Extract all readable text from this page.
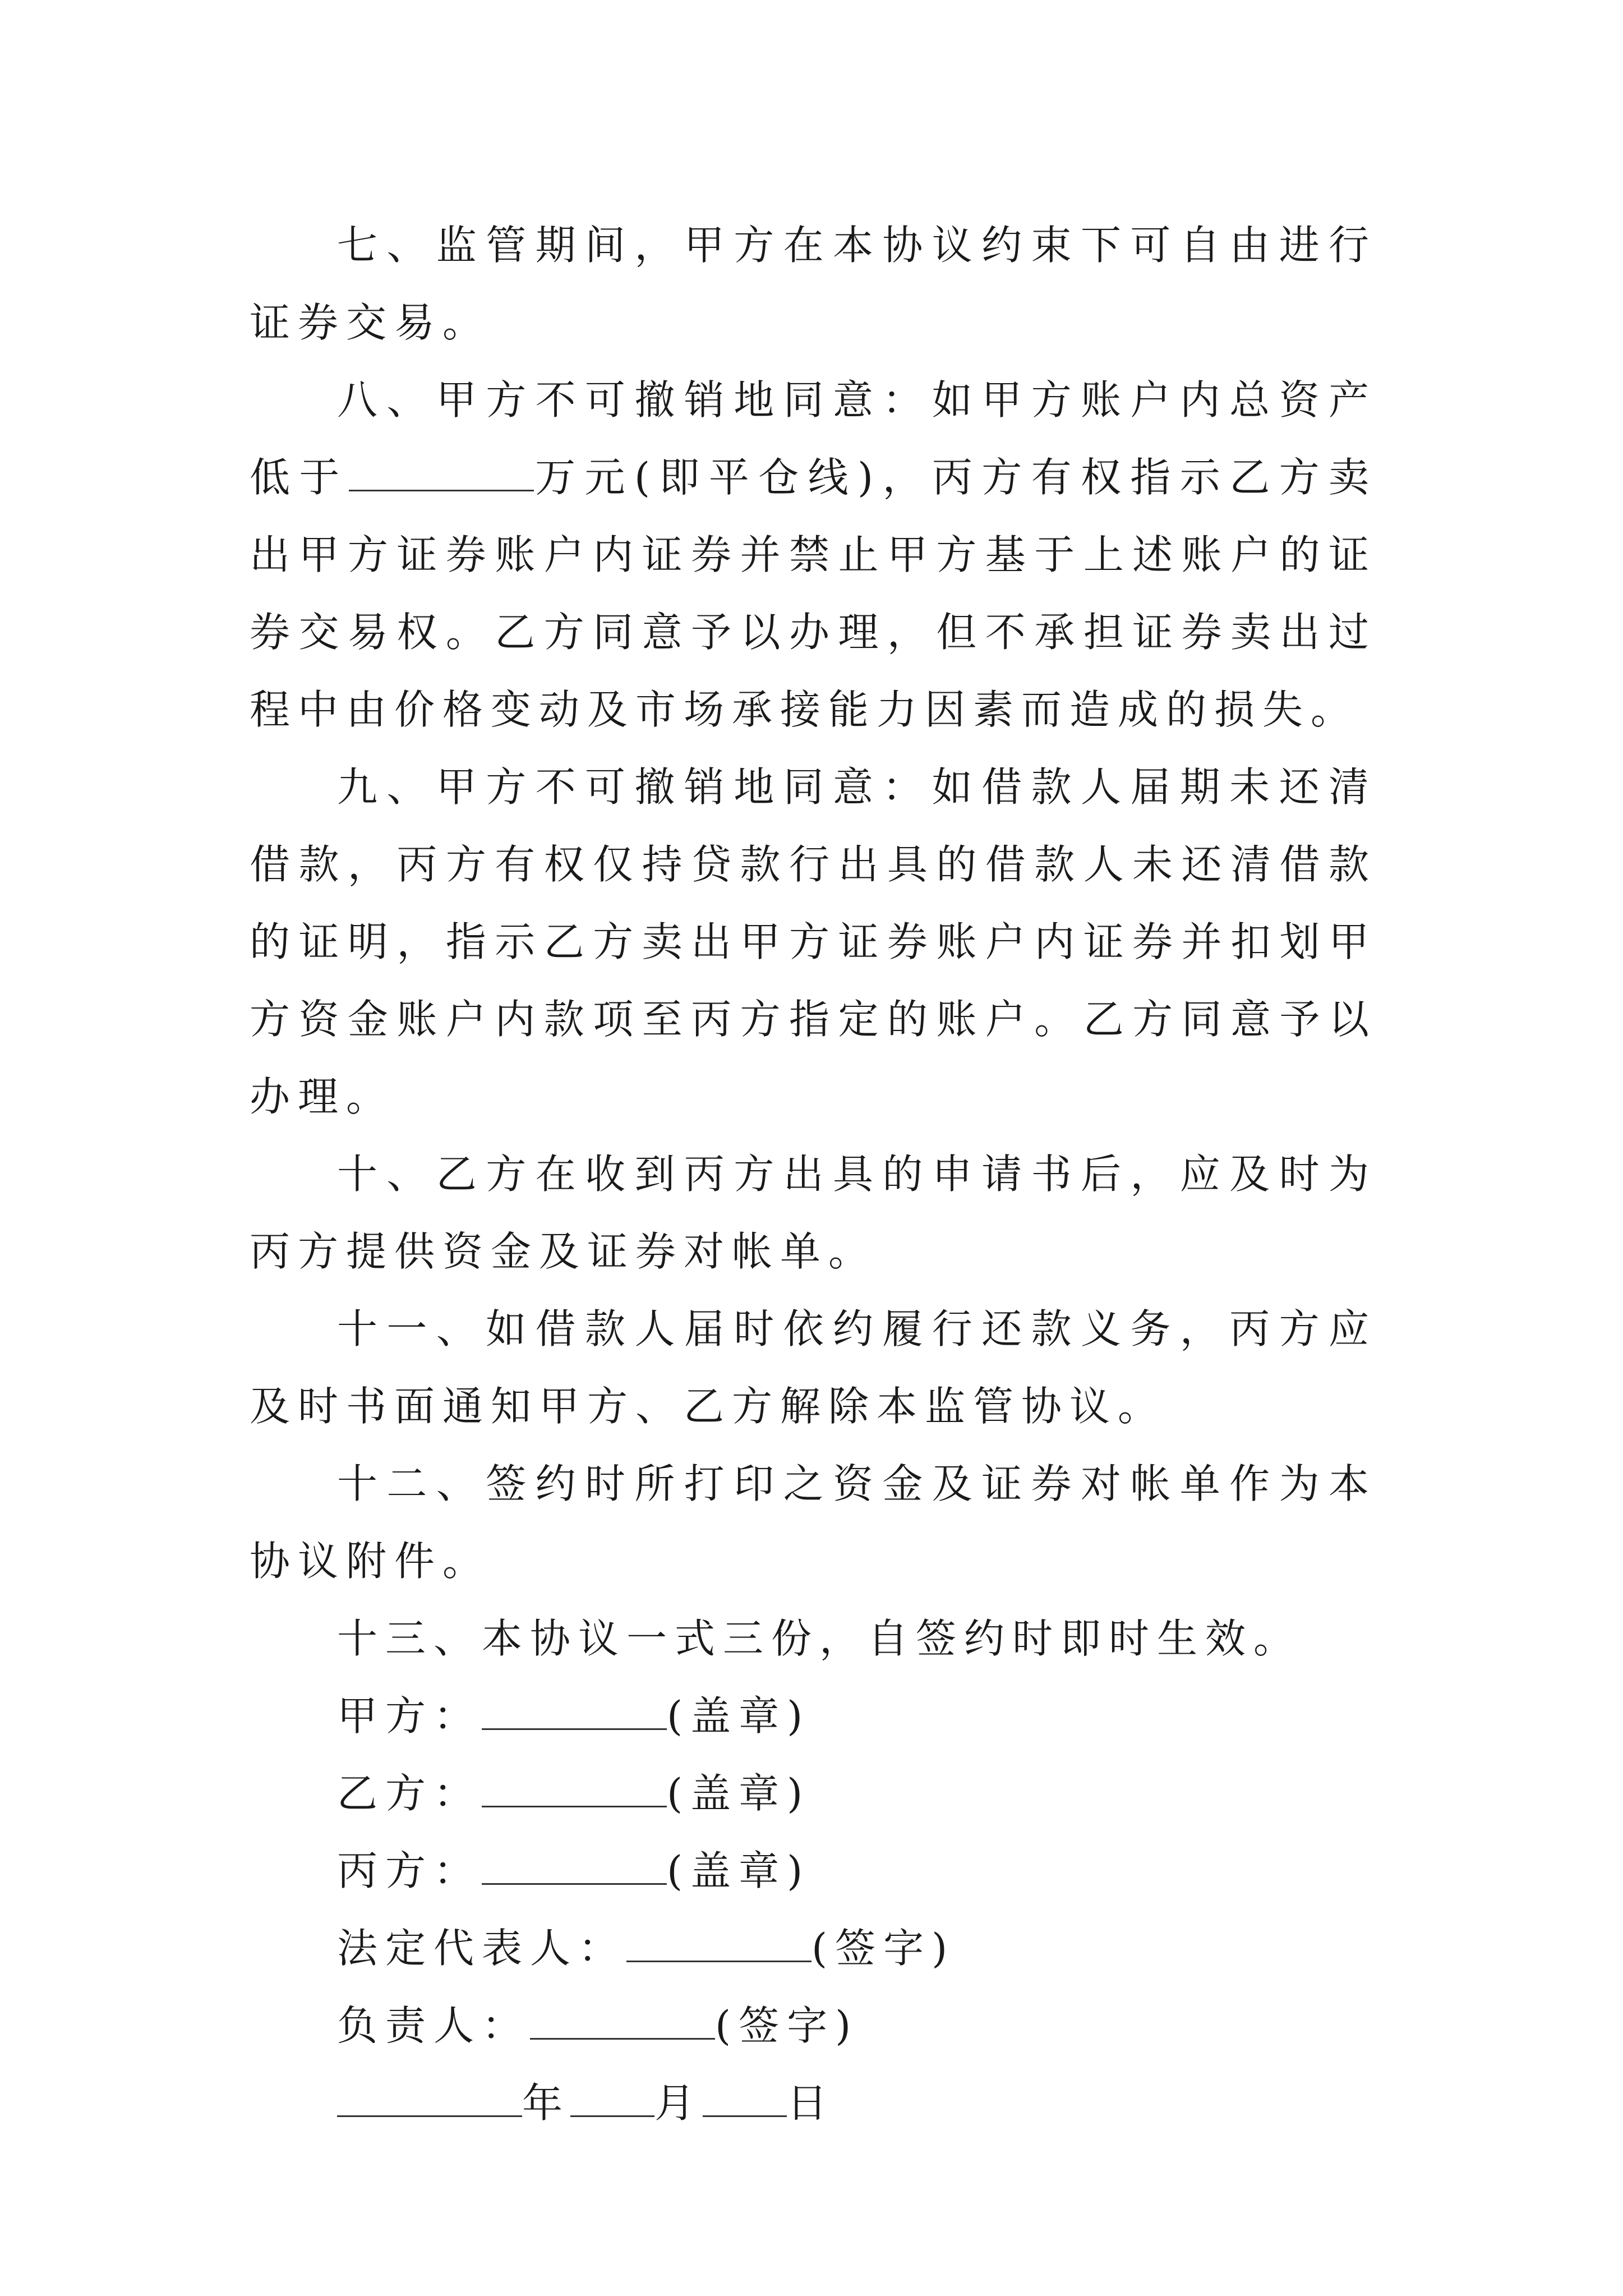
七、监管期间，甲方在本协议约束下可自由进行证券交易。

八、甲方不可撤销地同意：如甲方账户内总资产低于	万元(即平仓线)，丙方有权指示乙方卖出甲方证券账户内证券并禁止甲方基于上述账户的证券交易权。乙方同意予以办理，但不承担证券卖出过程中由价格变动及市场承接能力因素而造成的损失。

九、甲方不可撤销地同意：如借款人届期未还清借款，丙方有权仅持贷款行出具的借款人未还清借款的证明，指示乙方卖出甲方证券账户内证券并扣划甲方资金账户内款项至丙方指定的账户。乙方同意予以办理。

十、乙方在收到丙方出具的申请书后，应及时为丙方提供资金及证券对帐单。

十一、如借款人届时依约履行还款义务，丙方应及时书面通知甲方、乙方解除本监管协议。

十二、签约时所打印之资金及证券对帐单作为本协议附件。

十三、本协议一式三份，自签约时即时生效。

甲方：	(盖章)

乙方：	(盖章)

丙方：	(盖章)

法定代表人：	(签字)

负责人：	(签字)

年 月 日
